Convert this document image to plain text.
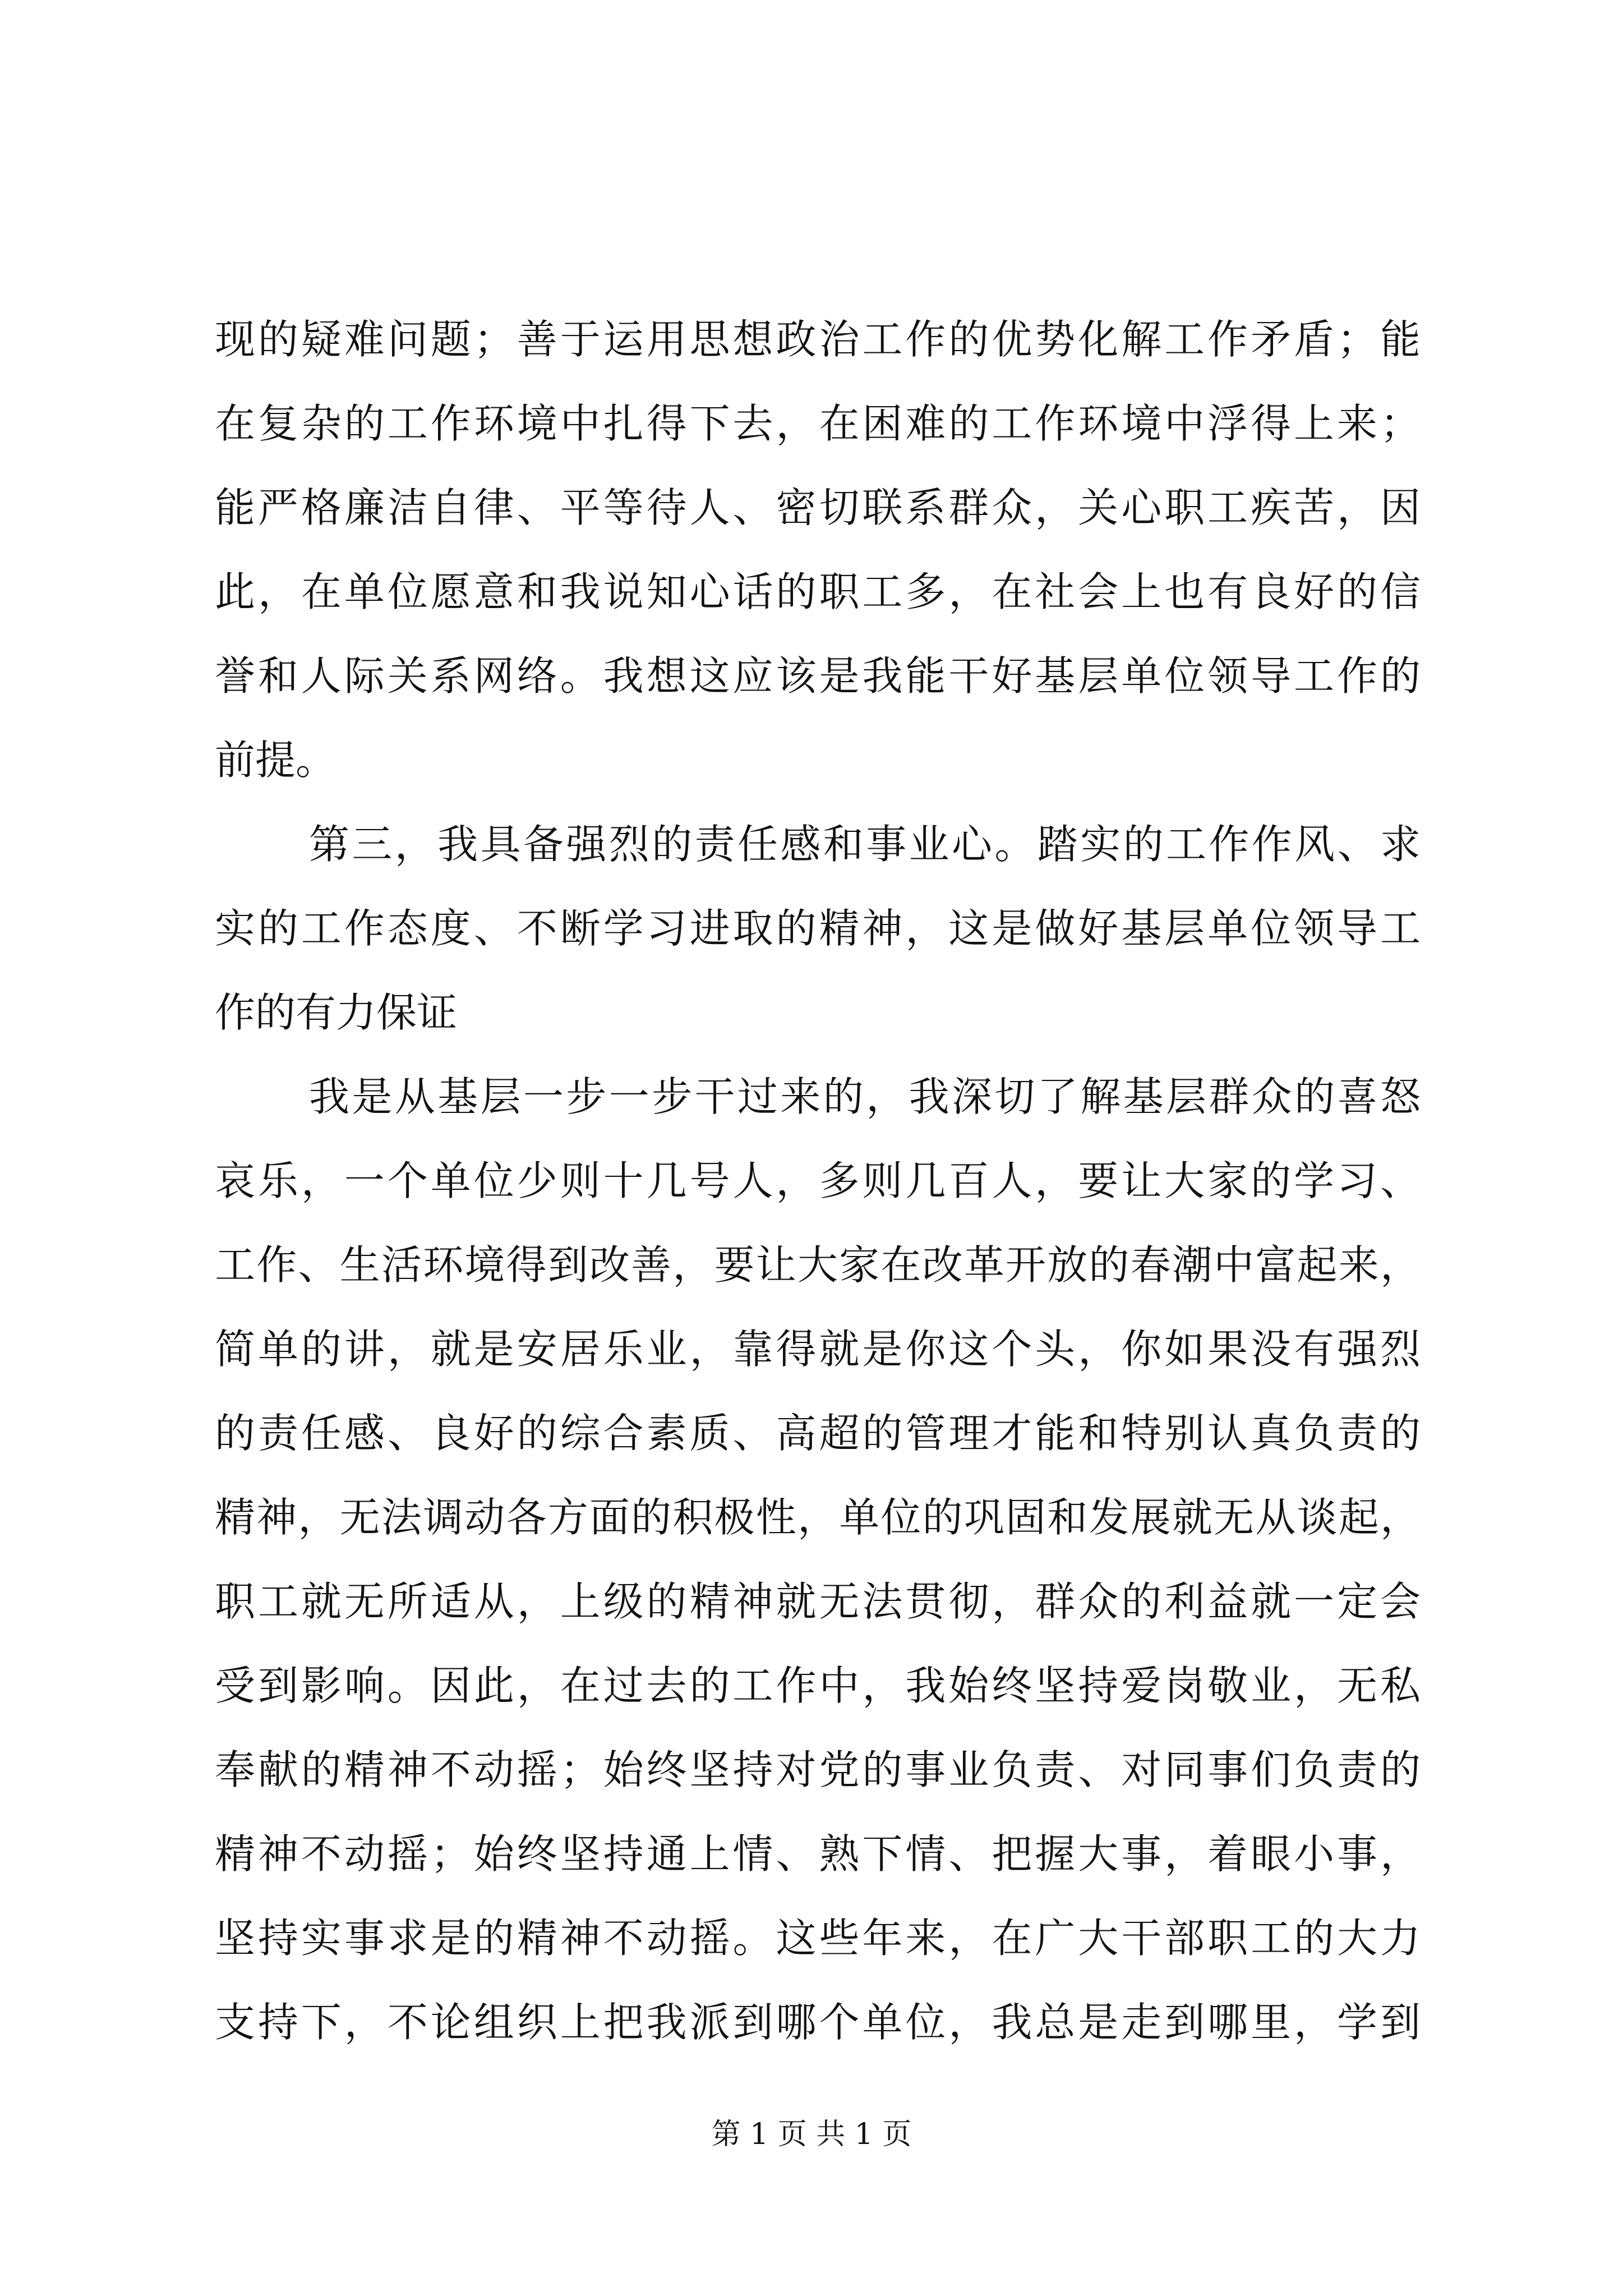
现的疑难问题；善于运用思想政治工作的优势化解工作矛盾；能
在复杂的工作环境中扎得下去，在困难的工作环境中浮得上来；
能严格廉洁自律、平等待人、密切联系群众，关心职工疾苦，因
此，在单位愿意和我说知心话的职工多，在社会上也有良好的信
誉和人际关系网络。我想这应该是我能干好基层单位领导工作的
前提。
第三，我具备强烈的责任感和事业心。踏实的工作作风、求
实的工作态度、不断学习进取的精神，这是做好基层单位领导工
作的有力保证
我是从基层一步一步干过来的，我深切了解基层群众的喜怒
哀乐，一个单位少则十几号人，多则几百人，要让大家的学习、
工作、生活环境得到改善，要让大家在改革开放的春潮中富起来，
简单的讲，就是安居乐业，靠得就是你这个头，你如果没有强烈
的责任感、良好的综合素质、高超的管理才能和特别认真负责的
精神，无法调动各方面的积极性，单位的巩固和发展就无从谈起，
职工就无所适从，上级的精神就无法贯彻，群众的利益就一定会
受到影响。因此，在过去的工作中，我始终坚持爱岗敬业，无私
奉献的精神不动摇；始终坚持对党的事业负责、对同事们负责的
精神不动摇；始终坚持通上情、熟下情、把握大事，着眼小事，
坚持实事求是的精神不动摇。这些年来，在广大干部职工的大力
支持下，不论组织上把我派到哪个单位，我总是走到哪里，学到
第 1 页 共 1 页
